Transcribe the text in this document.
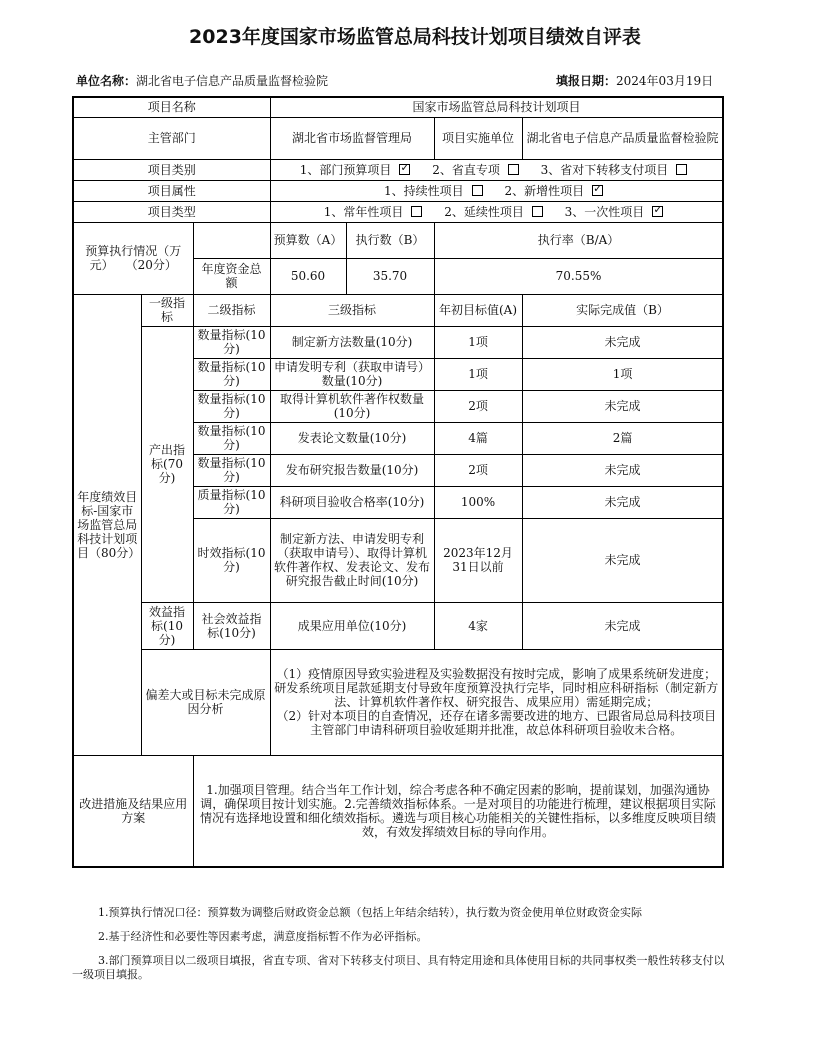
2023年度国家市场监管总局科技计划项目绩效自评表
单位名称：湖北省电子信息产品质量监督检验院	填报日期：2024年03月19日
项目名称			国家市场监管总局科技计划项目			
主管部门			湖北省市场监督管理局		项目实施单位	湖北省电子信息产品质量监督检验院
项目类别			1、部门预算项目 ✓ 2、省直专项 3、省对下转移支付项目
项目属性			1、持续性项目 2、新增性项目✓
项目类型			1、常年性项目 2、延续性项目 3、一次性项目✓
预算执行情况（万元）　　（20分）			预算数（A）	执行数（B）	执行率（B/A）	
		年度资金总额	50.60	35.70	70.55%	
年度绩效目标-国家市场监管总局科技计划项目（80分）	一级指标	二级指标	三级指标		年初目标值(A)	实际完成值（B）
	产出指标(70分)	数量指标(10分)	制定新方法数量(10分)		1项	未完成
		数量指标(10分)	申请发明专利（获取申请号）数量(10分)		1项	1项
		数量指标(10分)	取得计算机软件著作权数量(10分)		2项	未完成
		数量指标(10分)	发表论文数量(10分)		4篇	2篇
		数量指标(10分)	发布研究报告数量(10分)		2项	未完成
		质量指标(10分)	科研项目验收合格率(10分)		100%	未完成
		时效指标(10分)	制定新方法、申请发明专利（获取申请号）、取得计算机软件著作权、发表论文、发布研究报告截止时间(10分)		2023年12月31日以前	未完成
	效益指标(10分)	社会效益指标(10分)	成果应用单位(10分)		4家	未完成
	偏差大或目标未完成原因分析		（1）疫情原因导致实验进程及实验数据没有按时完成，影响了成果系统研发进度；研发系统项目尾款延期支付导致年度预算没执行完毕，同时相应科研指标（制定新方法、计算机软件著作权、研究报告、成果应用）需延期完成；
（2）针对本项目的自查情况，还存在诸多需要改进的地方、已跟省局总局科技项目主管部门申请科研项目验收延期并批准，故总体科研项目验收未合格。			

改进措施及结果应用方案		1.加强项目管理。结合当年工作计划，综合考虑各种不确定因素的影响，提前谋划，加强沟通协调，确保项目按计划实施。2.完善绩效指标体系。一是对项目的功能进行梳理，建议根据项目实际情况有选择地设置和细化绩效指标。遴选与项目核心功能相关的关键性指标，以多维度反映项目绩效，有效发挥绩效目标的导向作用。				

1.预算执行情况口径：预算数为调整后财政资金总额（包括上年结余结转），执行数为资金使用单位财政资金实际

2.基于经济性和必要性等因素考虑，满意度指标暂不作为必评指标。

3.部门预算项目以二级项目填报，省直专项、省对下转移支付项目、具有特定用途和具体使用目标的共同事权类一般性转移支付以一级项目填报。
